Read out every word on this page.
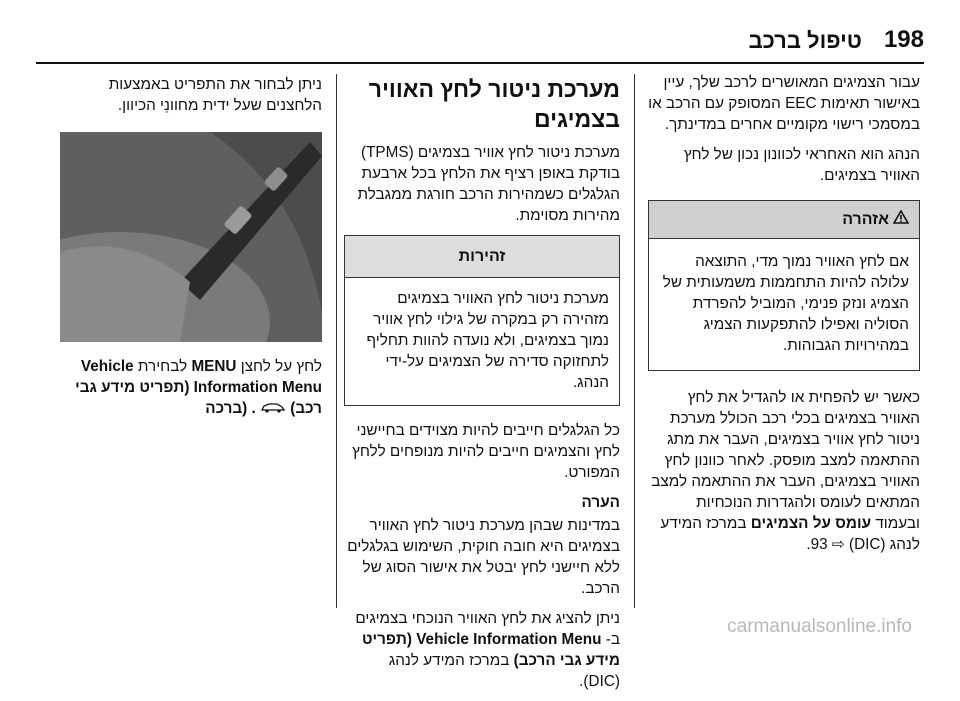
198
טיפול ברכב

עבור הצמיגים המאושרים לרכב שלך, עיין באישור תאימות EEC המסופק עם הרכב או במסמכי רישוי מקומיים אחרים במדינתך.

הנהג הוא האחראי לכוונון נכון של לחץ האוויר בצמיגים.

אזהרה
אם לחץ האוויר נמוך מדי, התוצאה עלולה להיות התחממות משמעותית של הצמיג ונזק פנימי, המוביל להפרדת הסוליה ואפילו להתפקעות הצמיג במהירויות הגבוהות.

כאשר יש להפחית או להגדיל את לחץ האוויר בצמיגים בכלי רכב הכולל מערכת ניטור לחץ אוויר בצמיגים, העבר את מתג ההתאמה למצב מופסק. לאחר כוונון לחץ האוויר בצמיגים, העבר את ההתאמה למצב המתאים לעומס ולהגדרות הנוכחיות ובעמוד עומס על הצמיגים במרכז המידע לנהג (DIC) ⇨ 93.

מערכת ניטור לחץ האוויר בצמיגים

מערכת ניטור לחץ אוויר בצמיגים (TPMS) בודקת באופן רציף את הלחץ בכל ארבעת הגלגלים כשמהירות הרכב חורגת ממגבלת מהירות מסוימת.

זהירות
מערכת ניטור לחץ האוויר בצמיגים מזהירה רק במקרה של גילוי לחץ אוויר נמוך בצמיגים, ולא נועדה להוות תחליף לתחזוקה סדירה של הצמיגים על-ידי הנהג.

כל הגלגלים חייבים להיות מצוידים בחיישני לחץ והצמיגים חייבים להיות מנופחים ללחץ המפורט.

הערה

במדינות שבהן מערכת ניטור לחץ האוויר בצמיגים היא חובה חוקית, השימוש בגלגלים ללא חיישני לחץ יבטל את אישור הסוג של הרכב.

ניתן להציג את לחץ האוויר הנוכחי בצמיגים ב- Vehicle Information Menu (תפריט מידע גבי הרכב) במרכז המידע לנהג (DIC).

ניתן לבחור את התפריט באמצעות הלחצנים שעל ידית מחוונֵי הכיוון.

לחץ על לחצן MENU לבחירת Vehicle Information Menu (תפריט מידע גבי רכב)  . (ברכה

carmanualsonline.info
